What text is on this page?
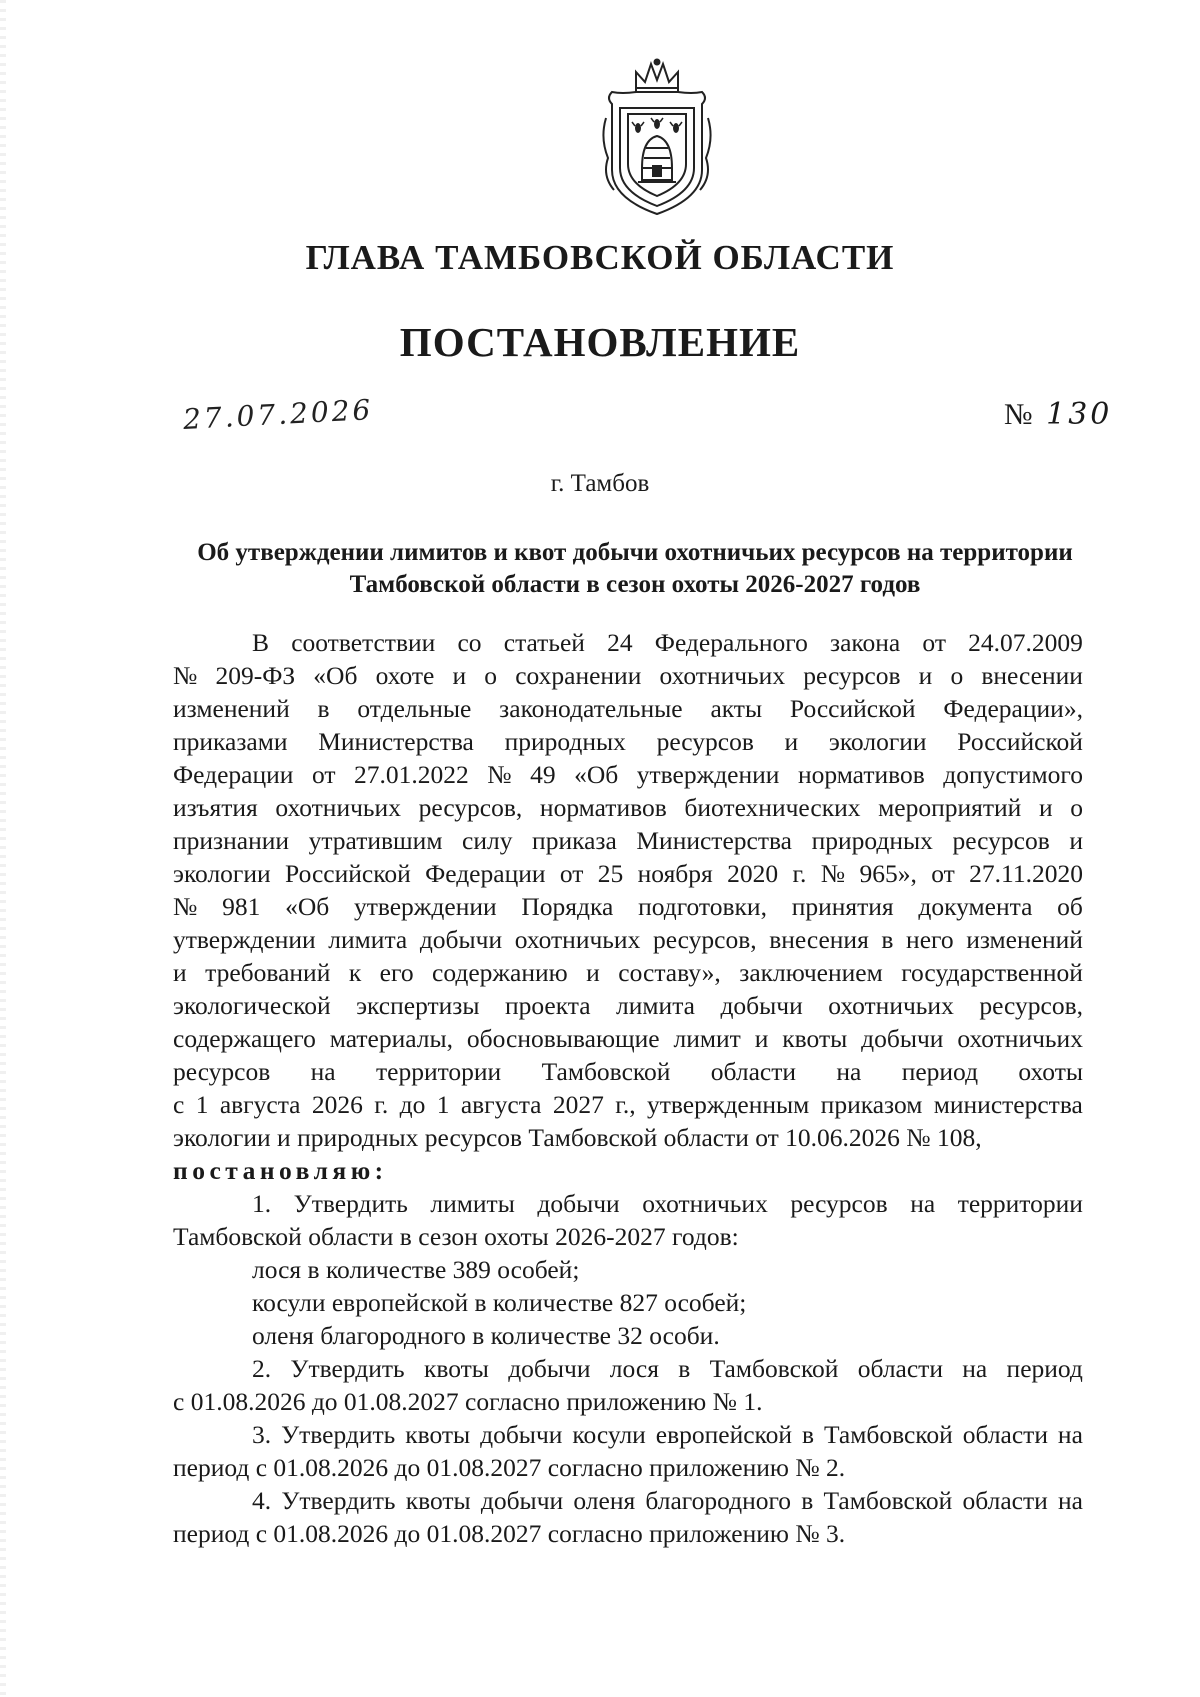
ГЛАВА ТАМБОВСКОЙ ОБЛАСТИ
ПОСТАНОВЛЕНИЕ
27.07.2026	№ 130
г. Тамбов

Об утверждении лимитов и квот добычи охотничьих ресурсов на территории Тамбовской области в сезон охоты 2026-2027 годов

В соответствии со статьей 24 Федерального закона от 24.07.2009
№ 209-ФЗ «Об охоте и о сохранении охотничьих ресурсов и о внесении
изменений в отдельные законодательные акты Российской Федерации»,
приказами Министерства природных ресурсов и экологии Российской
Федерации от 27.01.2022 № 49 «Об утверждении нормативов допустимого
изъятия охотничьих ресурсов, нормативов биотехнических мероприятий и о
признании утратившим силу приказа Министерства природных ресурсов и
экологии Российской Федерации от 25 ноября 2020 г. № 965», от 27.11.2020
№ 981 «Об утверждении Порядка подготовки, принятия документа об
утверждении лимита добычи охотничьих ресурсов, внесения в него изменений
и требований к его содержанию и составу», заключением государственной
экологической экспертизы проекта лимита добычи охотничьих ресурсов,
содержащего материалы, обосновывающие лимит и квоты добычи охотничьих
ресурсов на территории Тамбовской области на период охоты
с 1 августа 2026 г. до 1 августа 2027 г., утвержденным приказом министерства
экологии и природных ресурсов Тамбовской области от 10.06.2026 № 108,
постановляю:
1. Утвердить лимиты добычи охотничьих ресурсов на территории
Тамбовской области в сезон охоты 2026-2027 годов:
лося в количестве 389 особей;
косули европейской в количестве 827 особей;
оленя благородного в количестве 32 особи.
2. Утвердить квоты добычи лося в Тамбовской области на период
с 01.08.2026 до 01.08.2027 согласно приложению № 1.
3. Утвердить квоты добычи косули европейской в Тамбовской области на
период с 01.08.2026 до 01.08.2027 согласно приложению № 2.
4. Утвердить квоты добычи оленя благородного в Тамбовской области на
период с 01.08.2026 до 01.08.2027 согласно приложению № 3.
